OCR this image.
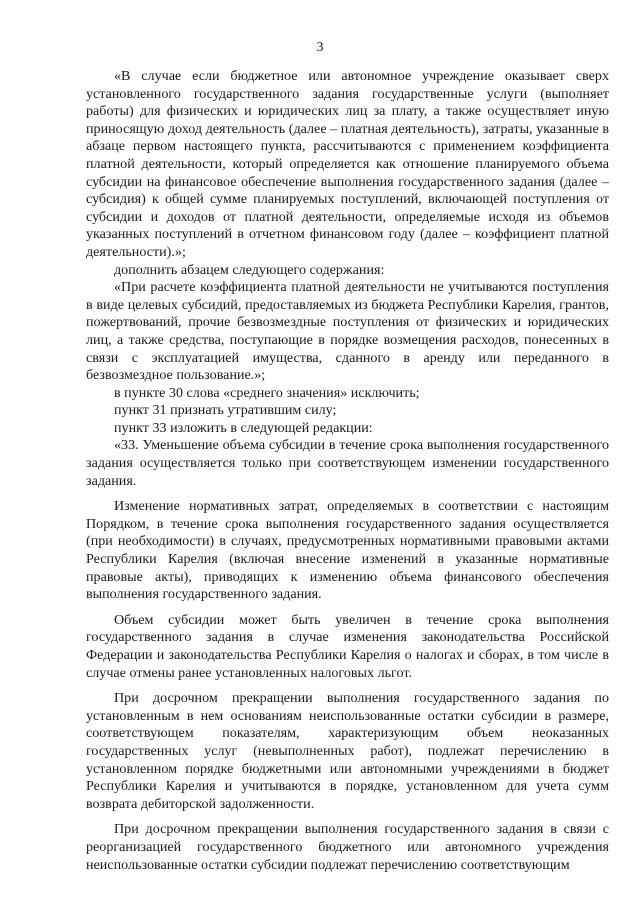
3

«В случае если бюджетное или автономное учреждение оказывает сверх установленного государственного задания государственные услуги (выполняет работы) для физических и юридических лиц за плату, а также осуществляет иную приносящую доход деятельность (далее – платная деятельность), затраты, указанные в абзаце первом настоящего пункта, рассчитываются с применением коэффициента платной деятельности, который определяется как отношение планируемого объема субсидии на финансовое обеспечение выполнения государственного задания (далее – субсидия) к общей сумме планируемых поступлений, включающей поступления от субсидии и доходов от платной деятельности, определяемые исходя из объемов указанных поступлений в отчетном финансовом году (далее – коэффициент платной деятельности).»;

дополнить абзацем следующего содержания:

«При расчете коэффициента платной деятельности не учитываются поступления в виде целевых субсидий, предоставляемых из бюджета Республики Карелия, грантов, пожертвований, прочие безвозмездные поступления от физических и юридических лиц, а также средства, поступающие в порядке возмещения расходов, понесенных в связи с эксплуатацией имущества, сданного в аренду или переданного в безвозмездное пользование.»;

в пункте 30 слова «среднего значения» исключить;

пункт 31 признать утратившим силу;

пункт 33 изложить в следующей редакции:

«33. Уменьшение объема субсидии в течение срока выполнения государственного задания осуществляется только при соответствующем изменении государственного задания.

Изменение нормативных затрат, определяемых в соответствии с настоящим Порядком, в течение срока выполнения государственного задания осуществляется (при необходимости) в случаях, предусмотренных нормативными правовыми актами Республики Карелия (включая внесение изменений в указанные нормативные правовые акты), приводящих к изменению объема финансового обеспечения выполнения государственного задания.

Объем субсидии может быть увеличен в течение срока выполнения государственного задания в случае изменения законодательства Российской Федерации и законодательства Республики Карелия о налогах и сборах, в том числе в случае отмены ранее установленных налоговых льгот.

При досрочном прекращении выполнения государственного задания по установленным в нем основаниям неиспользованные остатки субсидии в размере, соответствующем показателям, характеризующим объем неоказанных государственных услуг (невыполненных работ), подлежат перечислению в установленном порядке бюджетными или автономными учреждениями в бюджет Республики Карелия и учитываются в порядке, установленном для учета сумм возврата дебиторской задолженности.

При досрочном прекращении выполнения государственного задания в связи с реорганизацией государственного бюджетного или автономного учреждения неиспользованные остатки субсидии подлежат перечислению соответствующим
